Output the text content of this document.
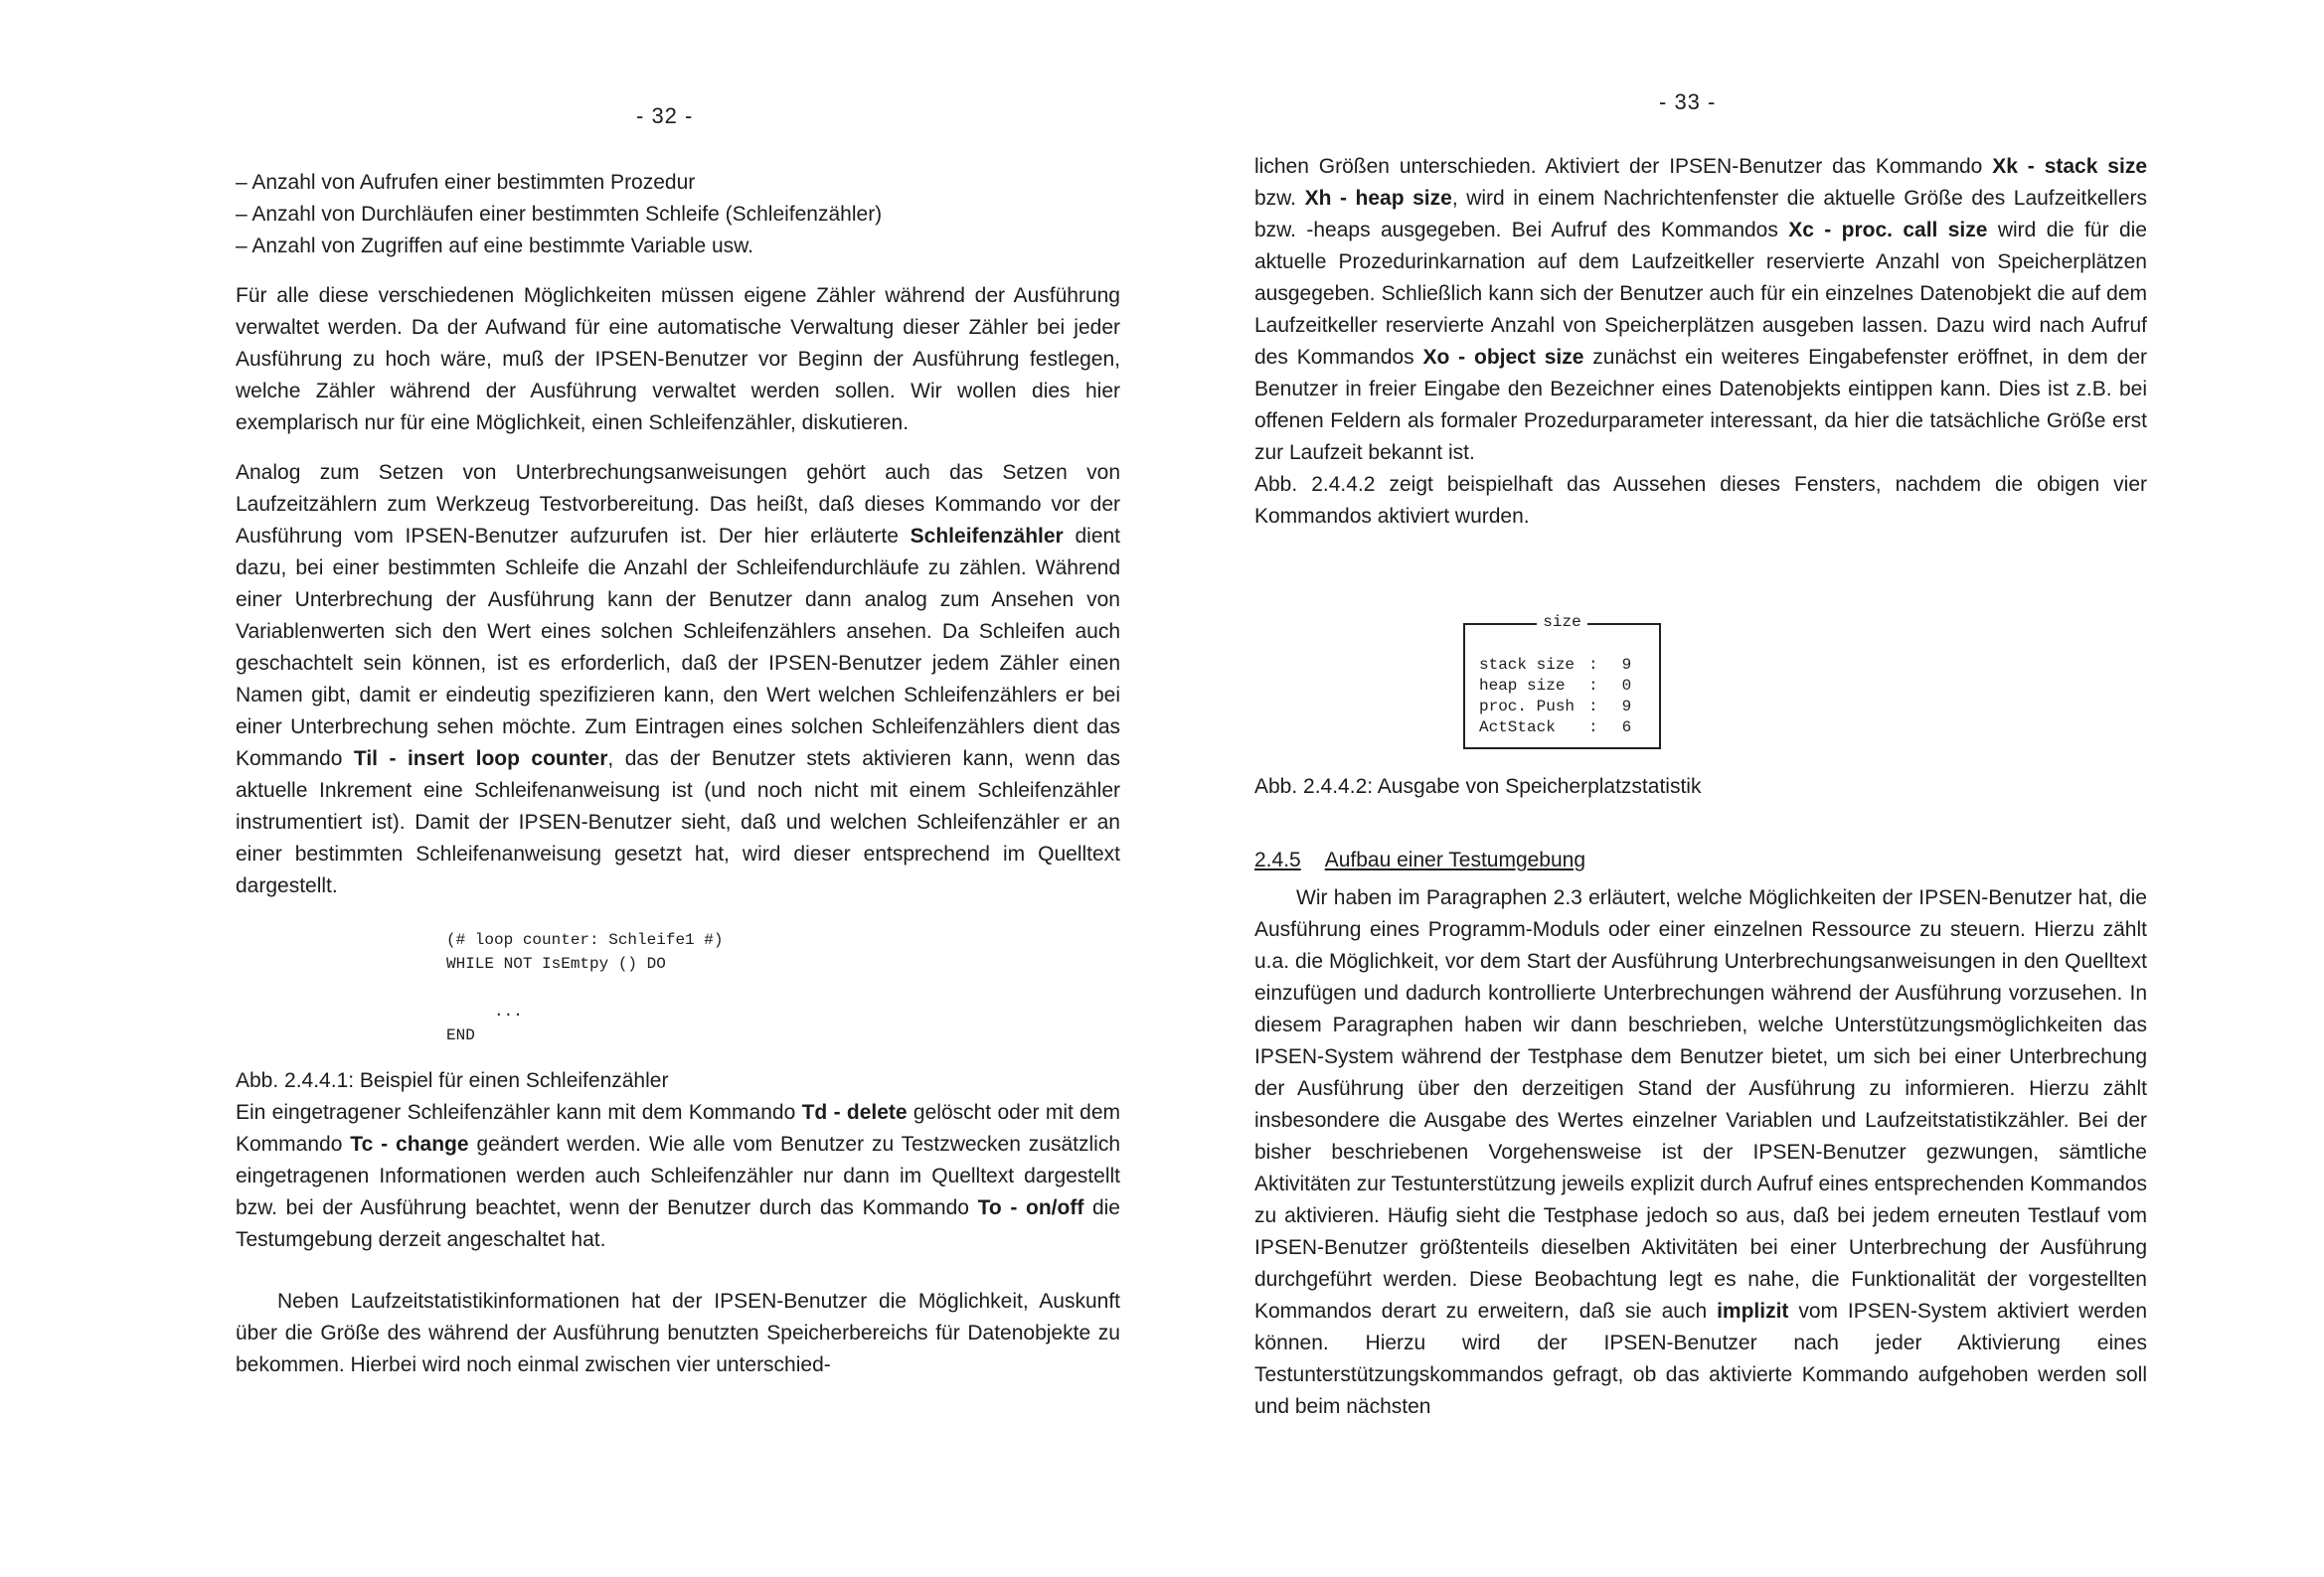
- 32 -

– Anzahl von Aufrufen einer bestimmten Prozedur

– Anzahl von Durchläufen einer bestimmten Schleife (Schleifenzähler)

– Anzahl von Zugriffen auf eine bestimmte Variable usw.

Für alle diese verschiedenen Möglichkeiten müssen eigene Zähler während der Ausführung verwaltet werden. Da der Aufwand für eine automatische Verwaltung dieser Zähler bei jeder Ausführung zu hoch wäre, muß der IPSEN-Benutzer vor Beginn der Ausführung festlegen, welche Zähler während der Ausführung verwaltet werden sollen. Wir wollen dies hier exemplarisch nur für eine Möglichkeit, einen Schleifenzähler, diskutieren.

Analog zum Setzen von Unterbrechungsanweisungen gehört auch das Setzen von Laufzeitzählern zum Werkzeug Testvorbereitung. Das heißt, daß dieses Kommando vor der Ausführung vom IPSEN-Benutzer aufzurufen ist. Der hier erläuterte Schleifenzähler dient dazu, bei einer bestimmten Schleife die Anzahl der Schleifendurchläufe zu zählen. Während einer Unterbrechung der Ausführung kann der Benutzer dann analog zum Ansehen von Variablenwerten sich den Wert eines solchen Schleifenzählers ansehen. Da Schleifen auch geschachtelt sein können, ist es erforderlich, daß der IPSEN-Benutzer jedem Zähler einen Namen gibt, damit er eindeutig spezifizieren kann, den Wert welchen Schleifenzählers er bei einer Unterbrechung sehen möchte. Zum Eintragen eines solchen Schleifenzählers dient das Kommando Til - insert loop counter, das der Benutzer stets aktivieren kann, wenn das aktuelle Inkrement eine Schleifenanweisung ist (und noch nicht mit einem Schleifenzähler instrumentiert ist). Damit der IPSEN-Benutzer sieht, daß und welchen Schleifenzähler er an einer bestimmten Schleifenanweisung gesetzt hat, wird dieser entsprechend im Quelltext dargestellt.

(# loop counter: Schleife1 #)
WHILE NOT IsEmtpy () DO

...
END

Abb. 2.4.4.1: Beispiel für einen Schleifenzähler

Ein eingetragener Schleifenzähler kann mit dem Kommando Td - delete gelöscht oder mit dem Kommando Tc - change geändert werden. Wie alle vom Benutzer zu Testzwecken zusätzlich eingetragenen Informationen werden auch Schleifenzähler nur dann im Quelltext dargestellt bzw. bei der Ausführung beachtet, wenn der Benutzer durch das Kommando To - on/off die Testumgebung derzeit angeschaltet hat.

Neben Laufzeitstatistikinformationen hat der IPSEN-Benutzer die Möglichkeit, Auskunft über die Größe des während der Ausführung benutzten Speicherbereichs für Datenobjekte zu bekommen. Hierbei wird noch einmal zwischen vier unterschied-

- 33 -

lichen Größen unterschieden. Aktiviert der IPSEN-Benutzer das Kommando Xk - stack size bzw. Xh - heap size, wird in einem Nachrichtenfenster die aktuelle Größe des Laufzeitkellers bzw. -heaps ausgegeben. Bei Aufruf des Kommandos Xc - proc. call size wird die für die aktuelle Prozedurinkarnation auf dem Laufzeitkeller reservierte Anzahl von Speicherplätzen ausgegeben. Schließlich kann sich der Benutzer auch für ein einzelnes Datenobjekt die auf dem Laufzeitkeller reservierte Anzahl von Speicherplätzen ausgeben lassen. Dazu wird nach Aufruf des Kommandos Xo - object size zunächst ein weiteres Eingabefenster eröffnet, in dem der Benutzer in freier Eingabe den Bezeichner eines Datenobjekts eintippen kann. Dies ist z.B. bei offenen Feldern als formaler Prozedurparameter interessant, da hier die tatsächliche Größe erst zur Laufzeit bekannt ist.

Abb. 2.4.4.2 zeigt beispielhaft das Aussehen dieses Fensters, nachdem die obigen vier Kommandos aktiviert wurden.

size
stack size	:	9
heap size	:	0
proc. Push	:	9
ActStack	:	6
Abb. 2.4.4.2: Ausgabe von Speicherplatzstatistik

2.4.5 Aufbau einer Testumgebung

Wir haben im Paragraphen 2.3 erläutert, welche Möglichkeiten der IPSEN-Benutzer hat, die Ausführung eines Programm-Moduls oder einer einzelnen Ressource zu steuern. Hierzu zählt u.a. die Möglichkeit, vor dem Start der Ausführung Unterbrechungsanweisungen in den Quelltext einzufügen und dadurch kontrollierte Unterbrechungen während der Ausführung vorzusehen. In diesem Paragraphen haben wir dann beschrieben, welche Unterstützungsmöglichkeiten das IPSEN-System während der Testphase dem Benutzer bietet, um sich bei einer Unterbrechung der Ausführung über den derzeitigen Stand der Ausführung zu informieren. Hierzu zählt insbesondere die Ausgabe des Wertes einzelner Variablen und Laufzeitstatistikzähler. Bei der bisher beschriebenen Vorgehensweise ist der IPSEN-Benutzer gezwungen, sämtliche Aktivitäten zur Testunterstützung jeweils explizit durch Aufruf eines entsprechenden Kommandos zu aktivieren. Häufig sieht die Testphase jedoch so aus, daß bei jedem erneuten Testlauf vom IPSEN-Benutzer größtenteils dieselben Aktivitäten bei einer Unterbrechung der Ausführung durchgeführt werden. Diese Beobachtung legt es nahe, die Funktionalität der vorgestellten Kommandos derart zu erweitern, daß sie auch implizit vom IPSEN-System aktiviert werden können. Hierzu wird der IPSEN-Benutzer nach jeder Aktivierung eines Testunterstützungskommandos gefragt, ob das aktivierte Kommando aufgehoben werden soll und beim nächsten
